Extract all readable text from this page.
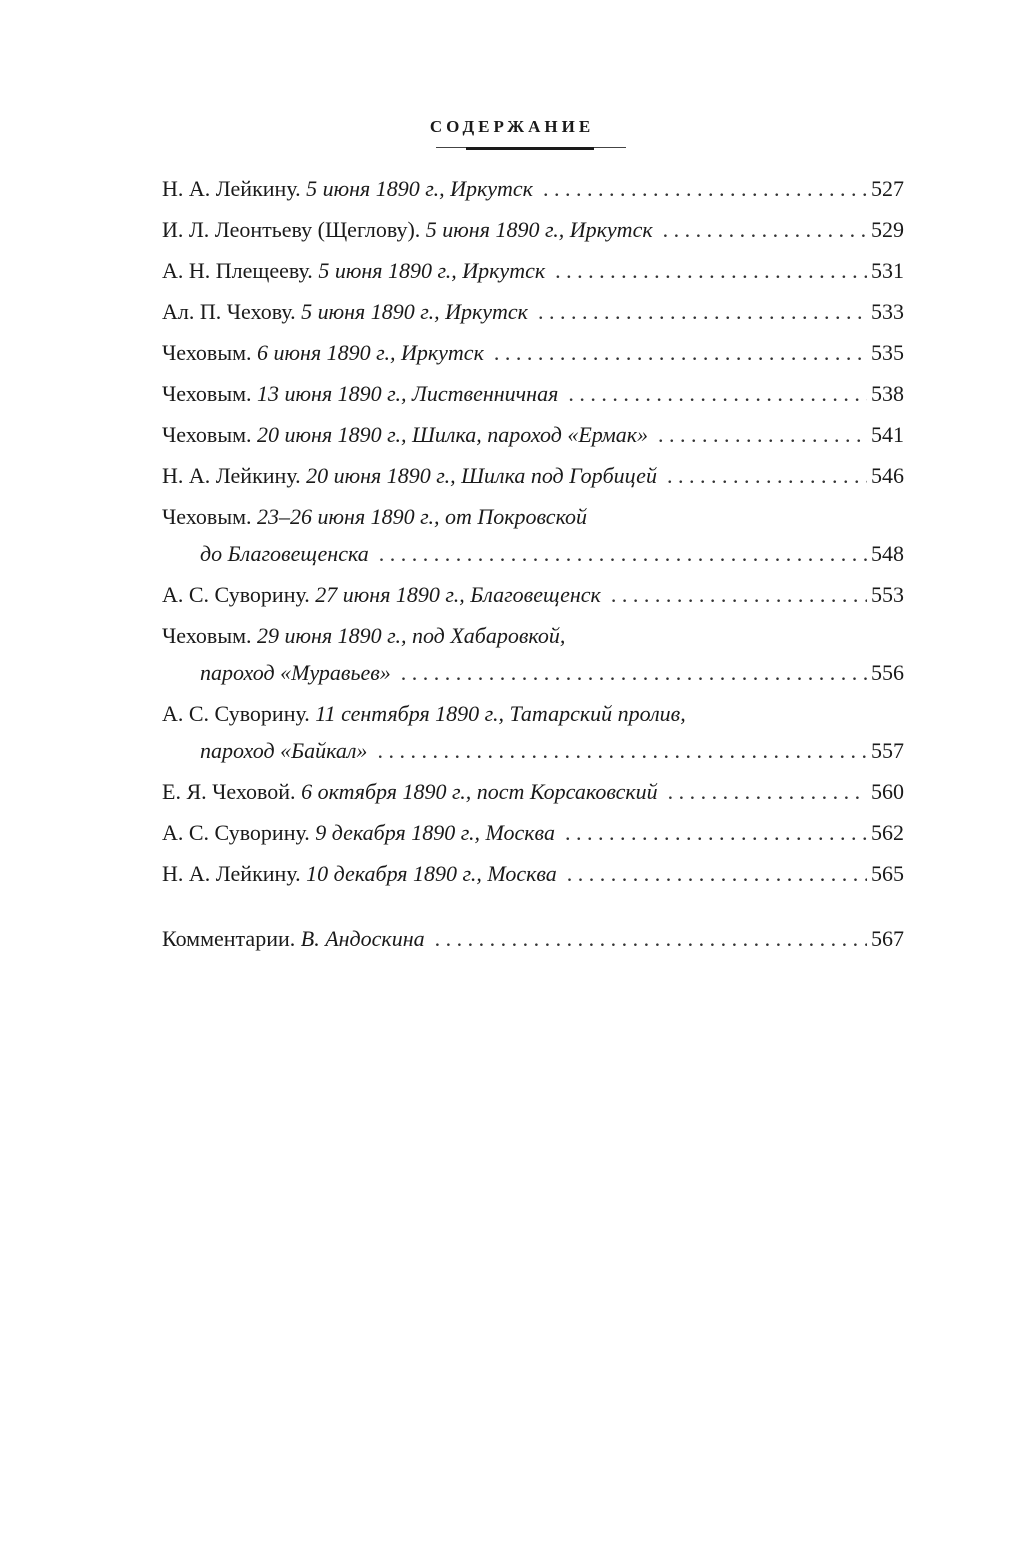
СОДЕРЖАНИЕ
Н. А. Лейкину.
5 июня 1890 г., Иркутск . . .	527
И. Л. Леонтьеву (Щеглову).
5 июня 1890 г., Иркутск . . .	529
А. Н. Плещееву.
5 июня 1890 г., Иркутск . . .	531
Ал. П. Чехову.
5 июня 1890 г., Иркутск . . .	533
Чеховым.
6 июня 1890 г., Иркутск . . .	535
Чеховым.
13 июня 1890 г., Лиственничная . . .	538
Чеховым.
20 июня 1890 г., Шилка, пароход «Ермак» . . .	541
Н. А. Лейкину.
20 июня 1890 г., Шилка под Горбицей . . .	546
Чеховым.
23–26 июня 1890 г., от Покровской
до Благовещенска . . .	548
А. С. Суворину.
27 июня 1890 г., Благовещенск . . .	553
Чеховым.
29 июня 1890 г., под Хабаровкой,
пароход «Муравьев» . . .	556
А. С. Суворину.
11 сентября 1890 г., Татарский пролив,
пароход «Байкал» . . .	557
Е. Я. Чеховой.
6 октября 1890 г., пост Корсаковский . . .	560
А. С. Суворину.
9 декабря 1890 г., Москва . . .	562
Н. А. Лейкину.
10 декабря 1890 г., Москва . . .	565
Комментарии.
В. Андоскина . . .	567
